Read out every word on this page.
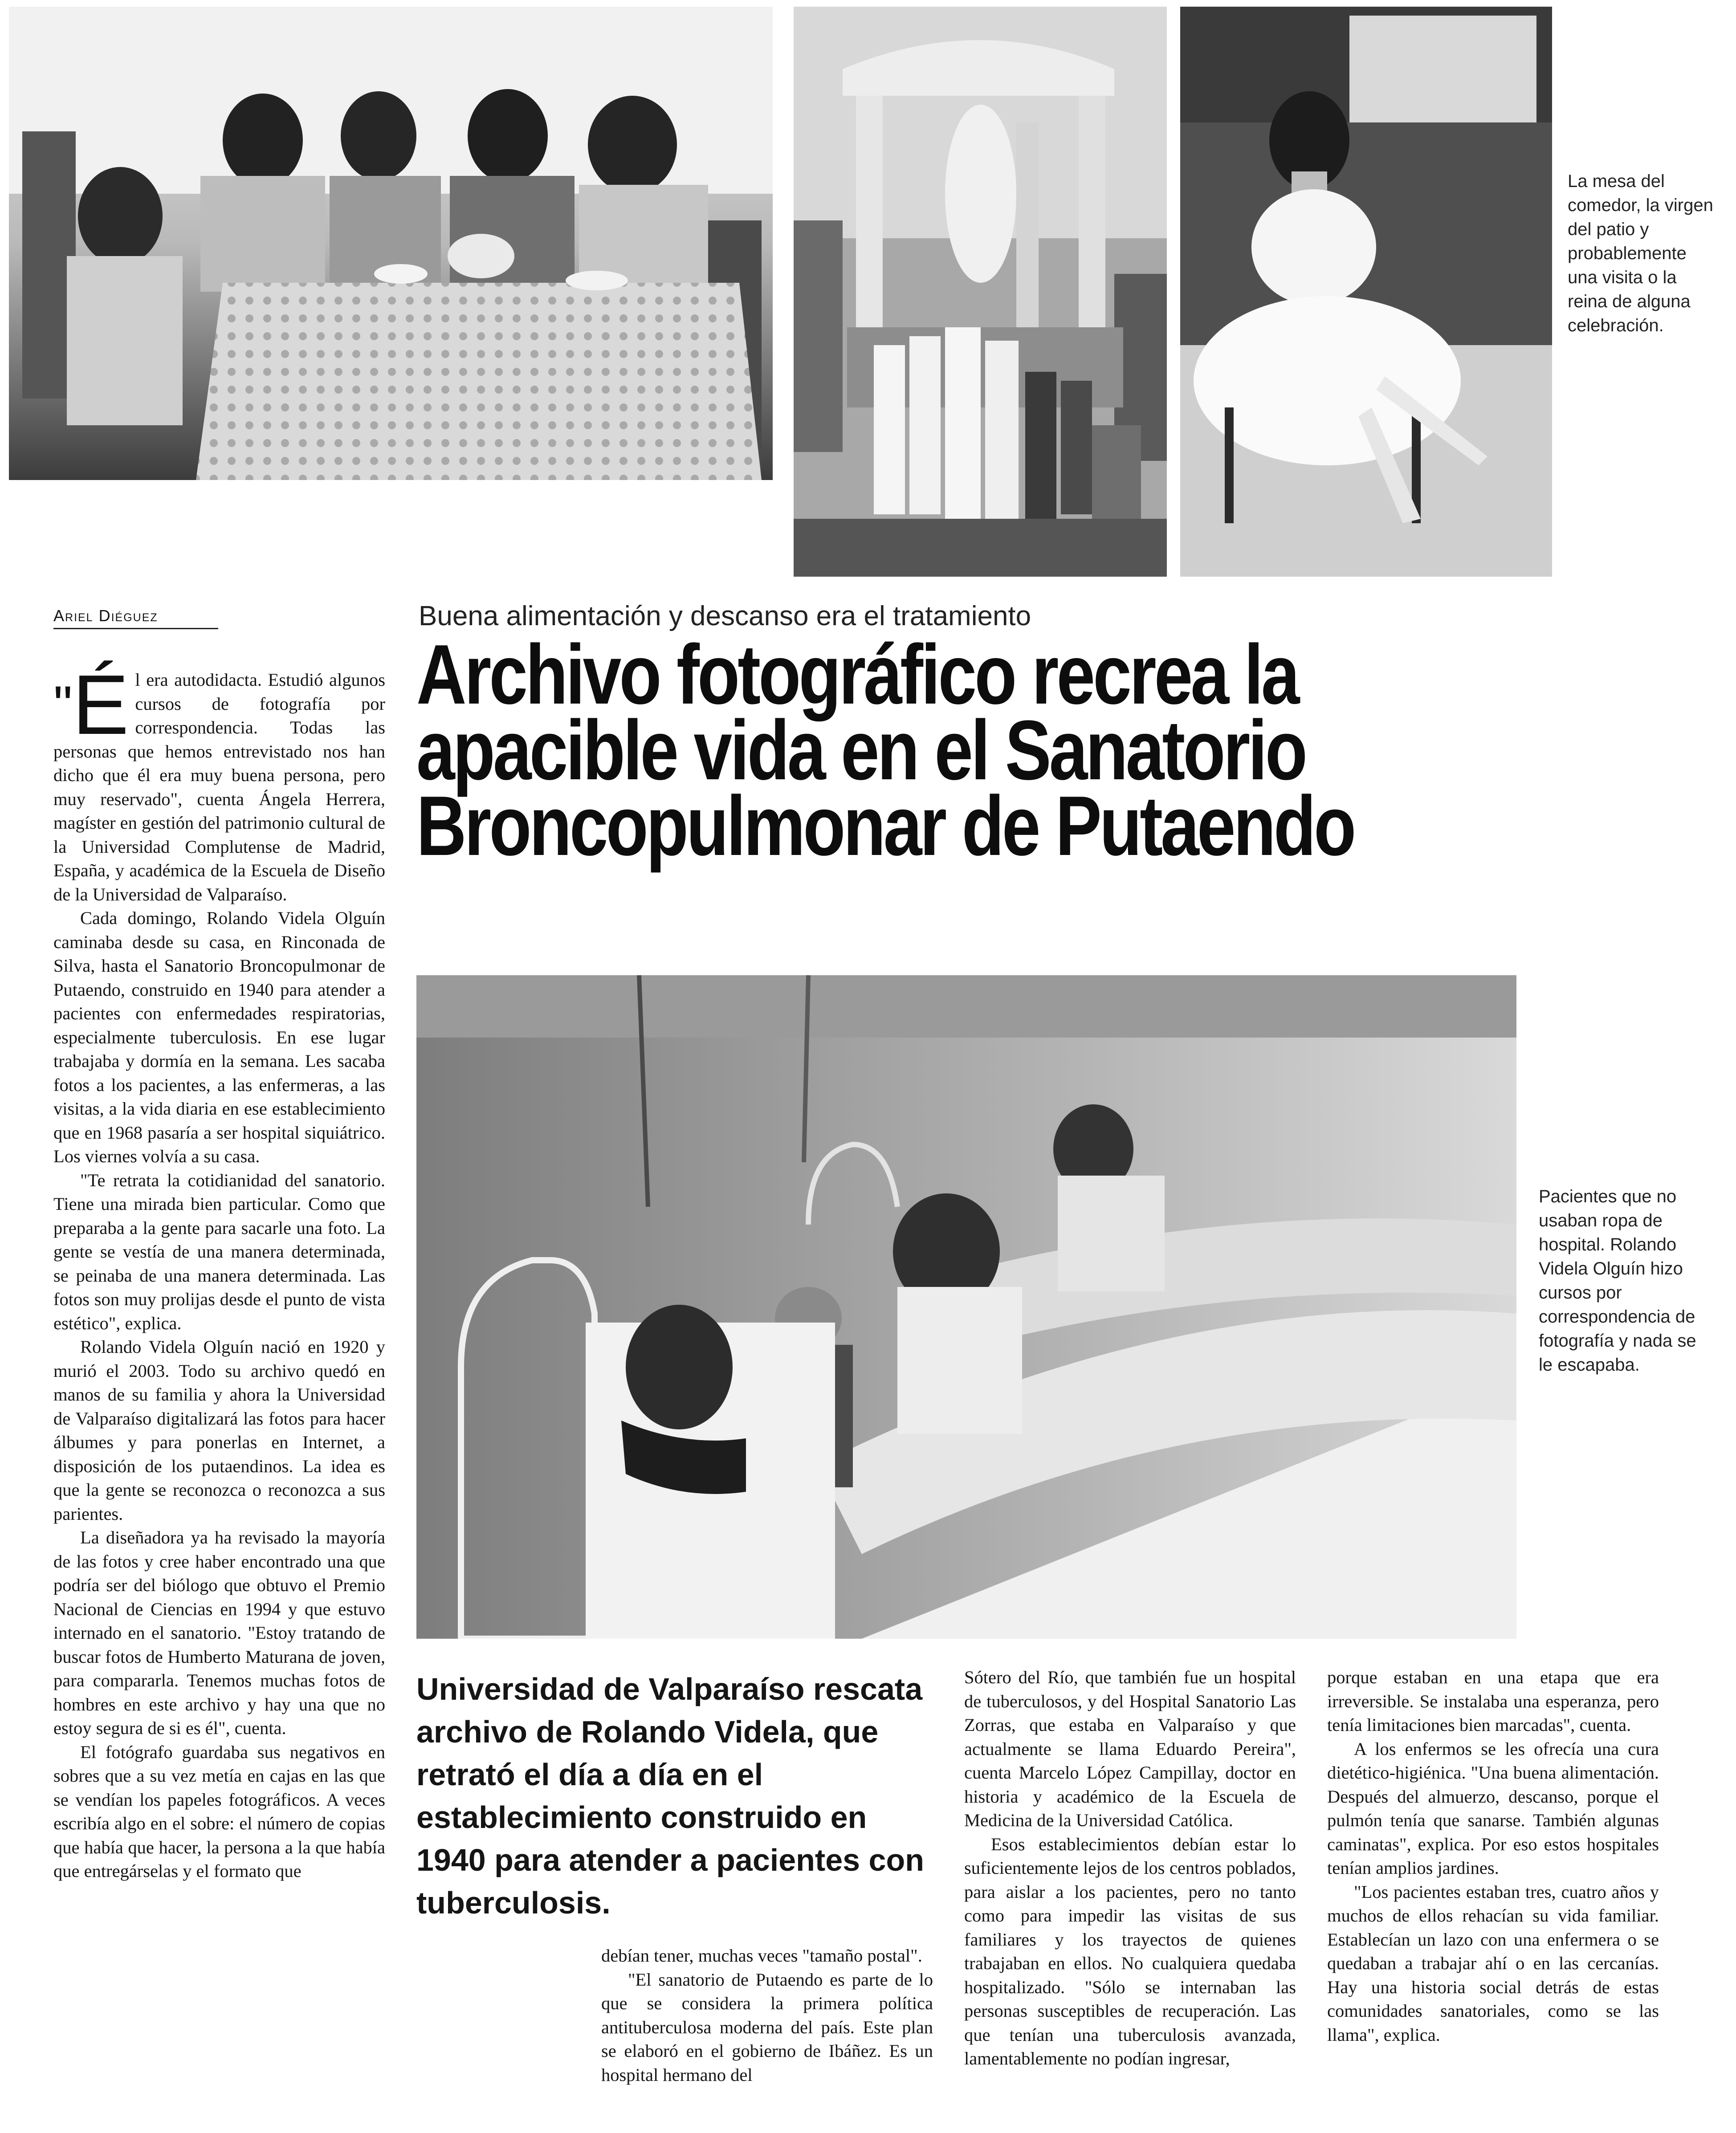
La mesa del
comedor, la virgen
del patio y
probablemente
una visita o la
reina de alguna
celebración.
Ariel Diéguez	Buena alimentación y descanso era el tratamiento
Archivo fotográfico recrea la
apacible vida en el Sanatorio
Broncopulmonar de Putaendo
Pacientes que no
usaban ropa de
hospital. Rolando
Videla Olguín hizo
cursos por
correspondencia de
fotografía y nada se
le escapaba.

"É l era autodidacta. Estudió algunos cursos de fotografía por correspondencia. Todas las personas que hemos entrevistado nos han dicho que él era muy buena persona, pero muy reservado", cuenta Ángela Herrera, magíster en gestión del patrimonio cultural de la Universidad Complutense de Madrid, España, y académica de la Escuela de Diseño de la Universidad de Valparaíso.

Cada domingo, Rolando Videla Olguín caminaba desde su casa, en Rinconada de Silva, hasta el Sanatorio Broncopulmonar de Putaendo, construido en 1940 para atender a pacientes con enfermedades respiratorias, especialmente tuberculosis. En ese lugar trabajaba y dormía en la semana. Les sacaba fotos a los pacientes, a las enfermeras, a las visitas, a la vida diaria en ese establecimiento que en 1968 pasaría a ser hospital siquiátrico. Los viernes volvía a su casa.

"Te retrata la cotidianidad del sanatorio. Tiene una mirada bien particular. Como que preparaba a la gente para sacarle una foto. La gente se vestía de una manera determinada, se peinaba de una manera determinada. Las fotos son muy prolijas desde el punto de vista estético", explica.

Rolando Videla Olguín nació en 1920 y murió el 2003. Todo su archivo quedó en manos de su familia y ahora la Universidad de Valparaíso digitalizará las fotos para hacer álbumes y para ponerlas en Internet, a disposición de los putaendinos. La idea es que la gente se reconozca o reconozca a sus parientes.

La diseñadora ya ha revisado la mayoría de las fotos y cree haber encontrado una que podría ser del biólogo que obtuvo el Premio Nacional de Ciencias en 1994 y que estuvo internado en el sanatorio. "Estoy tratando de buscar fotos de Humberto Maturana de joven, para compararla. Tenemos muchas fotos de hombres en este archivo y hay una que no estoy segura de si es él", cuenta.

El fotógrafo guardaba sus negativos en sobres que a su vez metía en cajas en las que se vendían los papeles fotográficos. A veces escribía algo en el sobre: el número de copias que había que hacer, la persona a la que había que entregárselas y el formato que

Universidad de Valparaíso rescata archivo de Rolando Videla, que retrató el día a día en el establecimiento construido en 1940 para atender a pacientes con tuberculosis.

debían tener, muchas veces "tamaño postal".

"El sanatorio de Putaendo es parte de lo que se considera la primera política antituberculosa moderna del país. Este plan se elaboró en el gobierno de Ibáñez. Es un hospital hermano del

Sótero del Río, que también fue un hospital de tuberculosos, y del Hospital Sanatorio Las Zorras, que estaba en Valparaíso y que actualmente se llama Eduardo Pereira", cuenta Marcelo López Campillay, doctor en historia y académico de la Escuela de Medicina de la Universidad Católica.

Esos establecimientos debían estar lo suficientemente lejos de los centros poblados, para aislar a los pacientes, pero no tanto como para impedir las visitas de sus familiares y los trayectos de quienes trabajaban en ellos. No cualquiera quedaba hospitalizado. "Sólo se internaban las personas susceptibles de recuperación. Las que tenían una tuberculosis avanzada, lamentablemente no podían ingresar,

porque estaban en una etapa que era irreversible. Se instalaba una esperanza, pero tenía limitaciones bien marcadas", cuenta.

A los enfermos se les ofrecía una cura dietético-higiénica. "Una buena alimentación. Después del almuerzo, descanso, porque el pulmón tenía que sanarse. También algunas caminatas", explica. Por eso estos hospitales tenían amplios jardines.

"Los pacientes estaban tres, cuatro años y muchos de ellos rehacían su vida familiar. Establecían un lazo con una enfermera o se quedaban a trabajar ahí o en las cercanías. Hay una historia social detrás de estas comunidades sanatoriales, como se las llama", explica.
